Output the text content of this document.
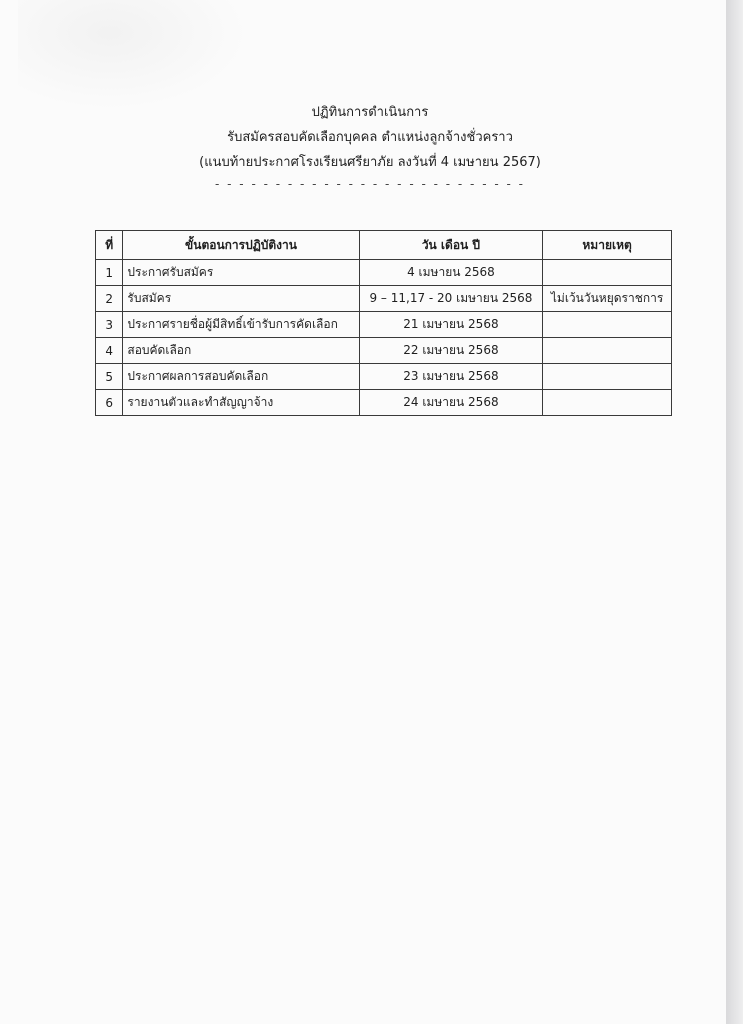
ปฏิทินการดำเนินการ
รับสมัครสอบคัดเลือกบุคคล ตำแหน่งลูกจ้างชั่วคราว
(แนบท้ายประกาศโรงเรียนศรียาภัย ลงวันที่ 4 เมษายน 2567)
- - - - - - - - - - - - - - - - - - - - - - - - - -
ที่	ขั้นตอนการปฏิบัติงาน	วัน เดือน ปี	หมายเหตุ
1	ประกาศรับสมัคร	4 เมษายน 2568	
2	รับสมัคร	9 – 11,17 - 20 เมษายน 2568	ไม่เว้นวันหยุดราชการ
3	ประกาศรายชื่อผู้มีสิทธิ์เข้ารับการคัดเลือก	21 เมษายน 2568	
4	สอบคัดเลือก	22 เมษายน 2568	
5	ประกาศผลการสอบคัดเลือก	23 เมษายน 2568	
6	รายงานตัวและทำสัญญาจ้าง	24 เมษายน 2568	
